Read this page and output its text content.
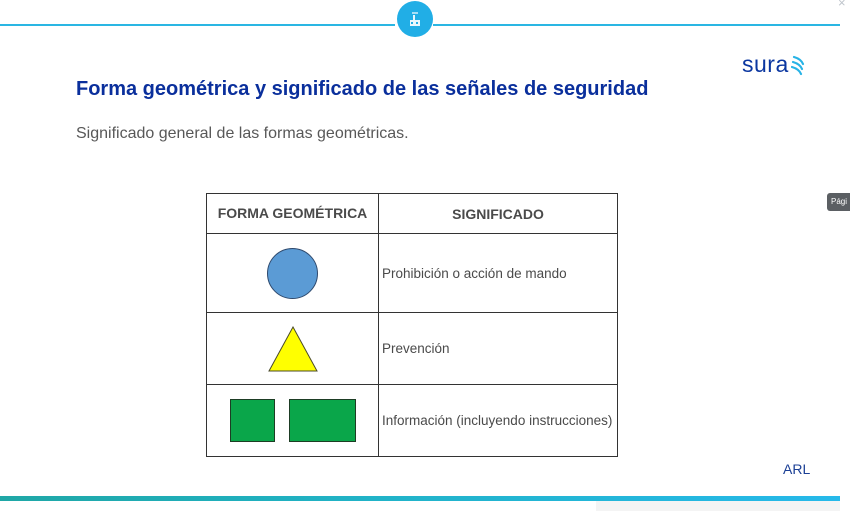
×
Pági
sura
Forma geométrica y significado de las señales de seguridad

Significado general de las formas geométricas.

FORMA GEOMÉTRICA	SIGNIFICADO
	Prohibición o acción de mando
	Prevención

	Información (incluyendo instrucciones)
ARL
